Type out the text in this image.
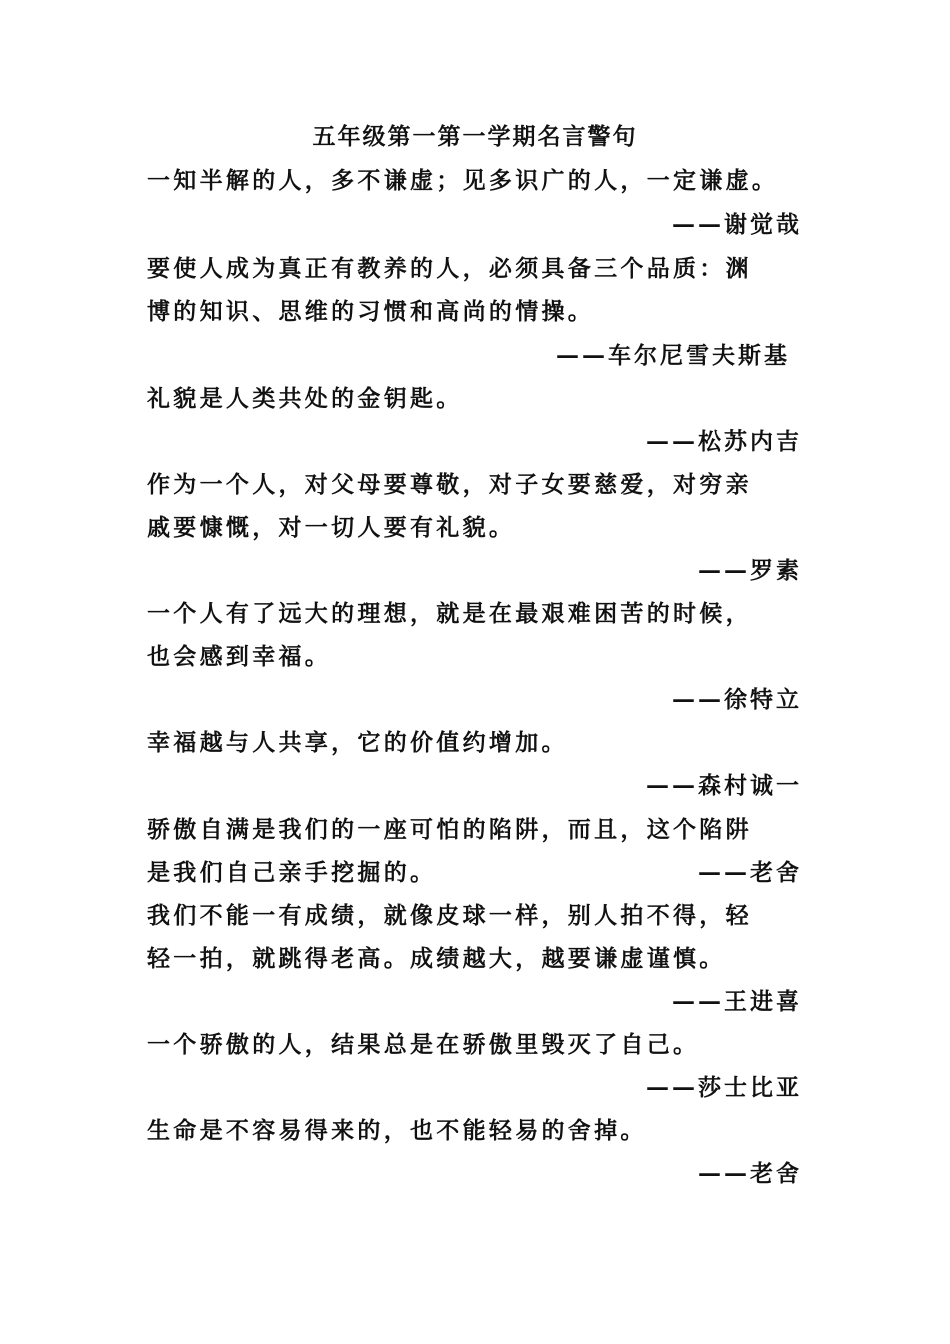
五年级第一第一学期名言警句
一知半解的人，多不谦虚；见多识广的人，一定谦虚。
——谢觉哉
要使人成为真正有教养的人，必须具备三个品质：渊
博的知识、思维的习惯和高尚的情操。
——车尔尼雪夫斯基
礼貌是人类共处的金钥匙。
——松苏内吉
作为一个人，对父母要尊敬，对子女要慈爱，对穷亲
戚要慷慨，对一切人要有礼貌。
——罗素
一个人有了远大的理想，就是在最艰难困苦的时候，
也会感到幸福。
——徐特立
幸福越与人共享，它的价值约增加。
——森村诚一
骄傲自满是我们的一座可怕的陷阱，而且，这个陷阱
是我们自己亲手挖掘的。	——老舍
我们不能一有成绩，就像皮球一样，别人拍不得，轻
轻一拍，就跳得老高。成绩越大，越要谦虚谨慎。
——王进喜
一个骄傲的人，结果总是在骄傲里毁灭了自己。
——莎士比亚
生命是不容易得来的，也不能轻易的舍掉。
——老舍
